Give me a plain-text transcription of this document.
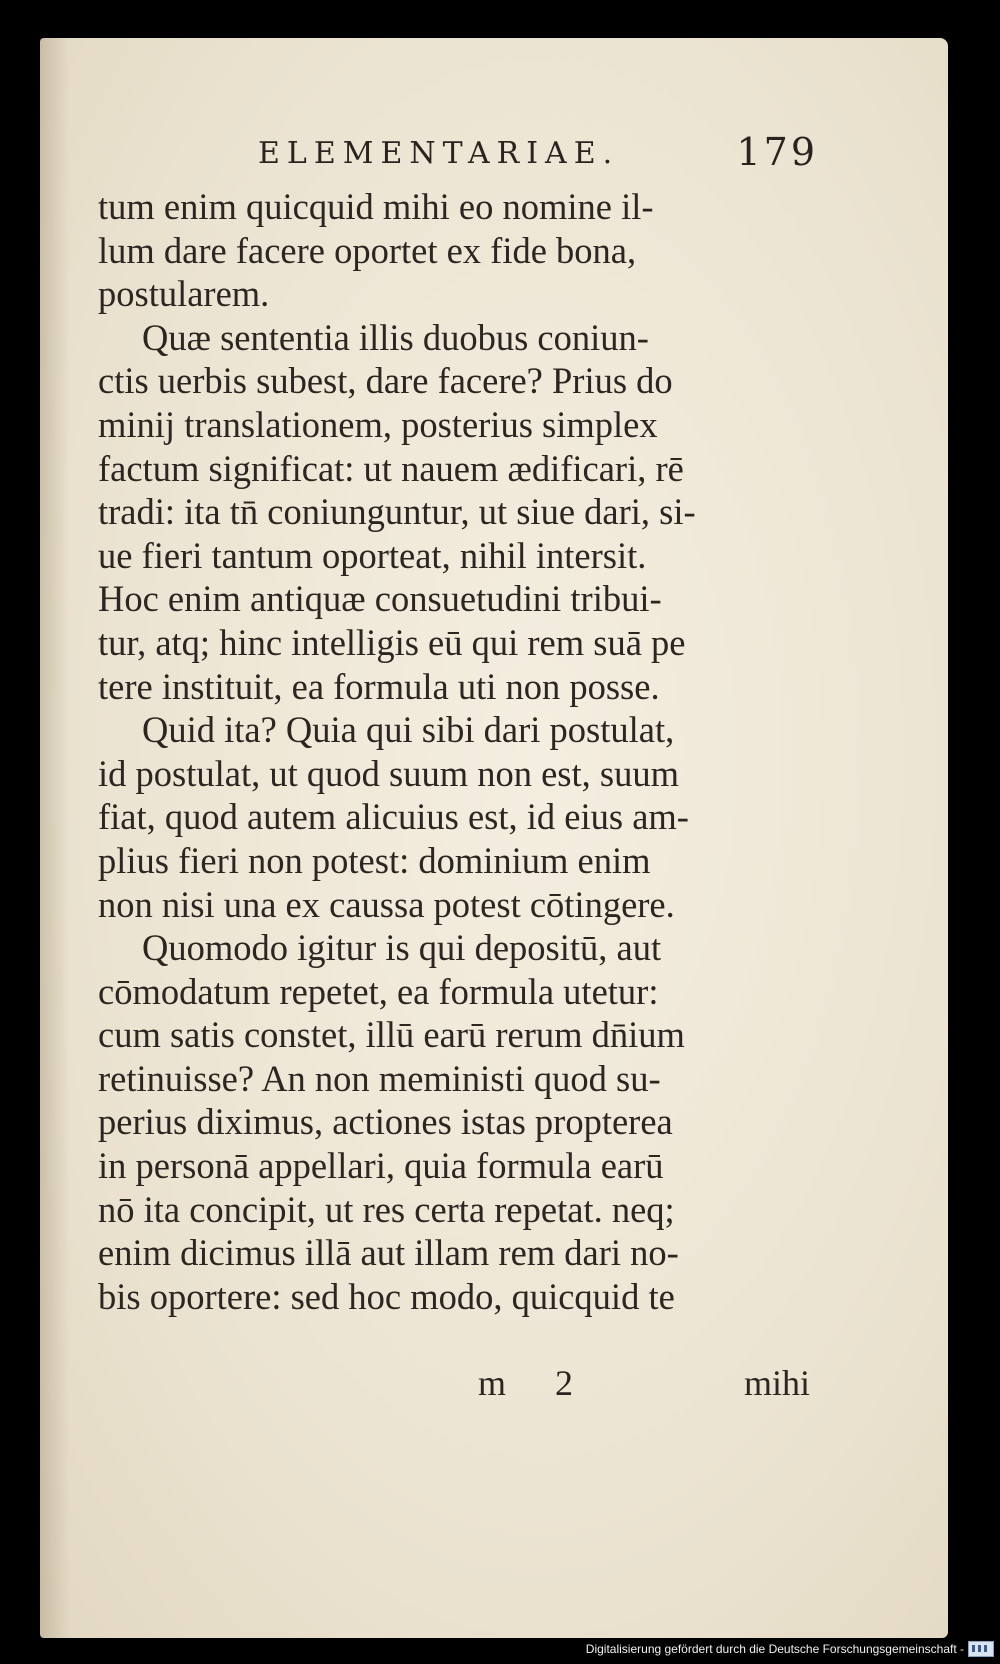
ELEMENTARIAE.	179
tum enim quicquid mihi eo nomine il-
lum dare facere oportet ex fide bona,
postularem.
Quæ sententia illis duobus coniun-
ctis uerbis subest, dare facere? Prius do
minij translationem, posterius simplex
factum significat: ut nauem ædificari, rē
tradi: ita tn̄ coniunguntur, ut siue dari, si-
ue fieri tantum oporteat, nihil intersit.
Hoc enim antiquæ consuetudini tribui-
tur, atq; hinc intelligis eū qui rem suā pe
tere instituit, ea formula uti non posse.
Quid ita? Quia qui sibi dari postulat,
id postulat, ut quod suum non est, suum
fiat, quod autem alicuius est, id eius am-
plius fieri non potest: dominium enim
non nisi una ex caussa potest cōtingere.
Quomodo igitur is qui depositū, aut
cōmodatum repetet, ea formula utetur:
cum satis constet, illū earū rerum dn̄ium
retinuisse? An non meministi quod su-
perius diximus, actiones istas propterea
in personā appellari, quia formula earū
nō ita concipit, ut res certa repetat. neq;
enim dicimus illā aut illam rem dari no-
bis oportere: sed hoc modo, quicquid te
m 2	mihi
Digitalisierung gefördert durch die Deutsche Forschungsgemeinschaft -
